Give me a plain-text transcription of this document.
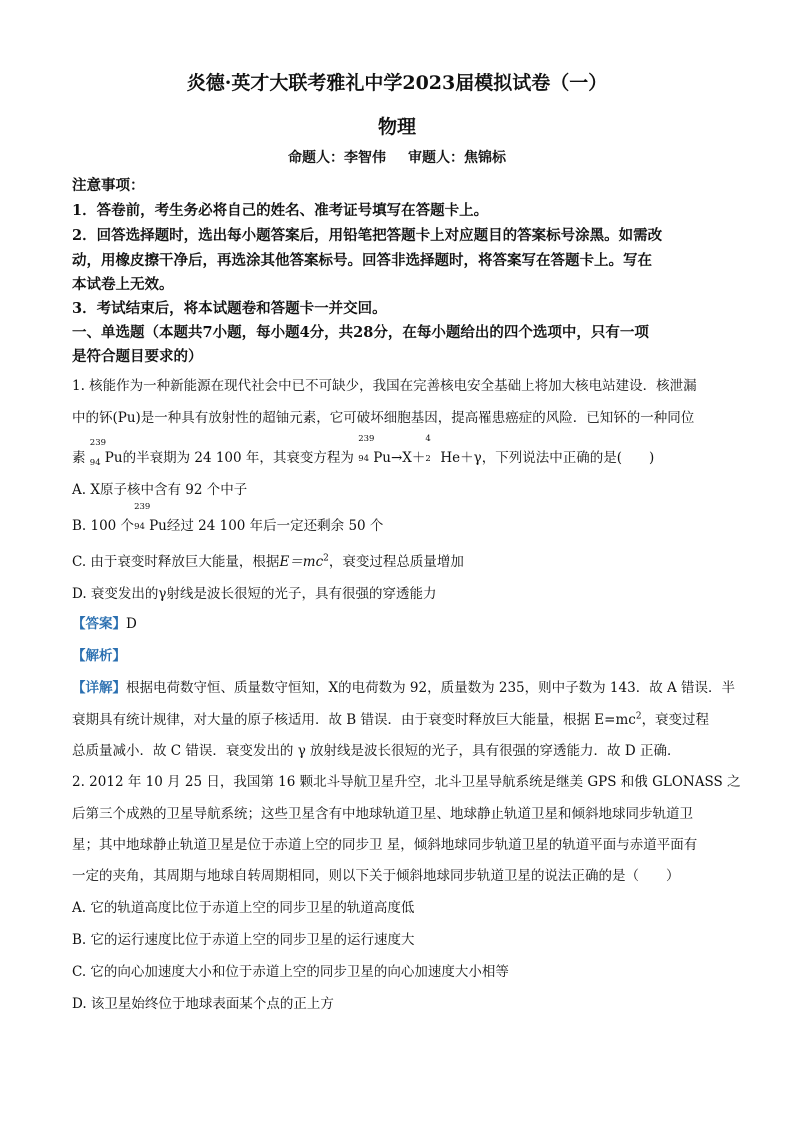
炎德·英才大联考雅礼中学2023届模拟试卷（一）
物理
命题人：李智伟 审题人：焦锦标
注意事项：
1．答卷前，考生务必将自己的姓名、准考证号填写在答题卡上。
2．回答选择题时，选出每小题答案后，用铅笔把答题卡上对应题目的答案标号涂黑。如需改
动，用橡皮擦干净后，再选涂其他答案标号。回答非选择题时，将答案写在答题卡上。写在
本试卷上无效。
3．考试结束后，将本试题卷和答题卡一并交回。
一、单选题（本题共7小题，每小题4分，共28分，在每小题给出的四个选项中，只有一项
是符合题目要求的）
1. 核能作为一种新能源在现代社会中已不可缺少，我国在完善核电安全基础上将加大核电站建设．核泄漏
中的钚(Pu)是一种具有放射性的超铀元素，它可破坏细胞基因，提高罹患癌症的风险．已知钚的一种同位
素
239
94 Pu的半衰期为 24 100 年，其衰变方程为
239
94 Pu→X＋
4
2 He＋γ，下列说法中正确的是(　　)
A. X原子核中含有 92 个中子
B. 100 个
239
94 Pu经过 24 100 年后一定还剩余 50 个
C. 由于衰变时释放巨大能量，根据$E=mc^2$，衰变过程总质量增加
D. 衰变发出的γ射线是波长很短的光子，具有很强的穿透能力
【答案】D
【解析】
【详解】根据电荷数守恒、质量数守恒知，X的电荷数为 92，质量数为 235，则中子数为 143．故 A 错误．半
衰期具有统计规律，对大量的原子核适用．故 B 错误．由于衰变时释放巨大能量，根据 $E=mc^2$，衰变过程
总质量减小．故 C 错误．衰变发出的 γ 放射线是波长很短的光子，具有很强的穿透能力．故 D 正确．
2. 2012 年 10 月 25 日，我国第 16 颗北斗导航卫星升空，北斗卫星导航系统是继美 GPS 和俄 GLONASS 之
后第三个成熟的卫星导航系统；这些卫星含有中地球轨道卫星、地球静止轨道卫星和倾斜地球同步轨道卫
星；其中地球静止轨道卫星是位于赤道上空的同步卫 星，倾斜地球同步轨道卫星的轨道平面与赤道平面有
一定的夹角，其周期与地球自转周期相同，则以下关于倾斜地球同步轨道卫星的说法正确的是（　　）
A. 它的轨道高度比位于赤道上空的同步卫星的轨道高度低
B. 它的运行速度比位于赤道上空的同步卫星的运行速度大
C. 它的向心加速度大小和位于赤道上空的同步卫星的向心加速度大小相等
D. 该卫星始终位于地球表面某个点的正上方
